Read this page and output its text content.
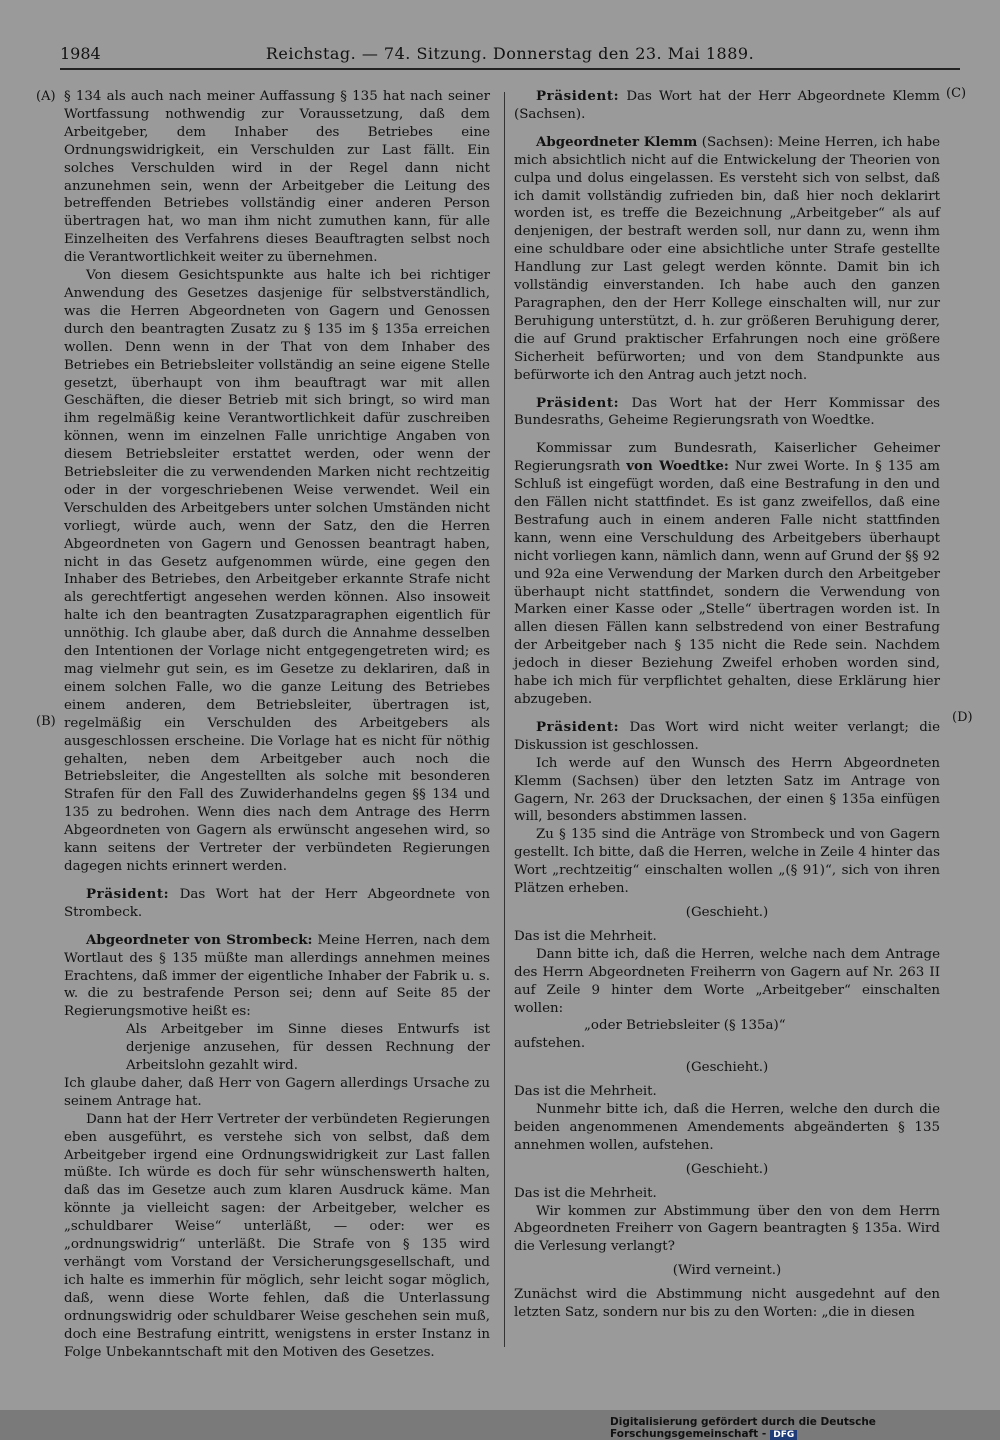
1984	Reichstag. — 74. Sitzung. Donnerstag den 23. Mai 1889.
(A)
(B)
(C)
(D)

§ 134 als auch nach meiner Auffassung § 135 hat nach seiner Wortfassung nothwendig zur Voraussetzung, daß dem Arbeitgeber, dem Inhaber des Betriebes eine Ordnungswidrigkeit, ein Verschulden zur Last fällt. Ein solches Verschulden wird in der Regel dann nicht anzunehmen sein, wenn der Arbeitgeber die Leitung des betreffenden Betriebes vollständig einer anderen Person übertragen hat, wo man ihm nicht zumuthen kann, für alle Einzelheiten des Verfahrens dieses Beauftragten selbst noch die Verantwortlichkeit weiter zu übernehmen.

Von diesem Gesichtspunkte aus halte ich bei richtiger Anwendung des Gesetzes dasjenige für selbstverständlich, was die Herren Abgeordneten von Gagern und Genossen durch den beantragten Zusatz zu § 135 im § 135a erreichen wollen. Denn wenn in der That von dem Inhaber des Betriebes ein Betriebsleiter vollständig an seine eigene Stelle gesetzt, überhaupt von ihm beauftragt war mit allen Geschäften, die dieser Betrieb mit sich bringt, so wird man ihm regelmäßig keine Verantwortlichkeit dafür zuschreiben können, wenn im einzelnen Falle unrichtige Angaben von diesem Betriebsleiter erstattet werden, oder wenn der Betriebsleiter die zu verwendenden Marken nicht rechtzeitig oder in der vorgeschriebenen Weise verwendet. Weil ein Verschulden des Arbeitgebers unter solchen Umständen nicht vorliegt, würde auch, wenn der Satz, den die Herren Abgeordneten von Gagern und Genossen beantragt haben, nicht in das Gesetz aufgenommen würde, eine gegen den Inhaber des Betriebes, den Arbeitgeber erkannte Strafe nicht als gerechtfertigt angesehen werden können. Also insoweit halte ich den beantragten Zusatzparagraphen eigentlich für unnöthig. Ich glaube aber, daß durch die Annahme desselben den Intentionen der Vorlage nicht entgegengetreten wird; es mag vielmehr gut sein, es im Gesetze zu deklariren, daß in einem solchen Falle, wo die ganze Leitung des Betriebes einem anderen, dem Betriebsleiter, übertragen ist, regelmäßig ein Verschulden des Arbeitgebers als ausgeschlossen erscheine. Die Vorlage hat es nicht für nöthig gehalten, neben dem Arbeitgeber auch noch die Betriebsleiter, die Angestellten als solche mit besonderen Strafen für den Fall des Zuwiderhandelns gegen §§ 134 und 135 zu bedrohen. Wenn dies nach dem Antrage des Herrn Abgeordneten von Gagern als erwünscht angesehen wird, so kann seitens der Vertreter der verbündeten Regierungen dagegen nichts erinnert werden.

Präsident: Das Wort hat der Herr Abgeordnete von Strombeck.

Abgeordneter von Strombeck: Meine Herren, nach dem Wortlaut des § 135 müßte man allerdings annehmen meines Erachtens, daß immer der eigentliche Inhaber der Fabrik u. s. w. die zu bestrafende Person sei; denn auf Seite 85 der Regierungsmotive heißt es:

Als Arbeitgeber im Sinne dieses Entwurfs ist derjenige anzusehen, für dessen Rechnung der Arbeitslohn gezahlt wird.

Ich glaube daher, daß Herr von Gagern allerdings Ursache zu seinem Antrage hat.

Dann hat der Herr Vertreter der verbündeten Regierungen eben ausgeführt, es verstehe sich von selbst, daß dem Arbeitgeber irgend eine Ordnungswidrigkeit zur Last fallen müßte. Ich würde es doch für sehr wünschenswerth halten, daß das im Gesetze auch zum klaren Ausdruck käme. Man könnte ja vielleicht sagen: der Arbeitgeber, welcher es „schuldbarer Weise“ unterläßt, — oder: wer es „ordnungswidrig“ unterläßt. Die Strafe von § 135 wird verhängt vom Vorstand der Versicherungsgesellschaft, und ich halte es immerhin für möglich, sehr leicht sogar möglich, daß, wenn diese Worte fehlen, daß die Unterlassung ordnungswidrig oder schuldbarer Weise geschehen sein muß, doch eine Bestrafung eintritt, wenigstens in erster Instanz in Folge Unbekanntschaft mit den Motiven des Gesetzes.

Präsident: Das Wort hat der Herr Abgeordnete Klemm (Sachsen).

Abgeordneter Klemm (Sachsen): Meine Herren, ich habe mich absichtlich nicht auf die Entwickelung der Theorien von culpa und dolus eingelassen. Es versteht sich von selbst, daß ich damit vollständig zufrieden bin, daß hier noch deklarirt worden ist, es treffe die Bezeichnung „Arbeitgeber“ als auf denjenigen, der bestraft werden soll, nur dann zu, wenn ihm eine schuldbare oder eine absichtliche unter Strafe gestellte Handlung zur Last gelegt werden könnte. Damit bin ich vollständig einverstanden. Ich habe auch den ganzen Paragraphen, den der Herr Kollege einschalten will, nur zur Beruhigung unterstützt, d. h. zur größeren Beruhigung derer, die auf Grund praktischer Erfahrungen noch eine größere Sicherheit befürworten; und von dem Standpunkte aus befürworte ich den Antrag auch jetzt noch.

Präsident: Das Wort hat der Herr Kommissar des Bundesraths, Geheime Regierungsrath von Woedtke.

Kommissar zum Bundesrath, Kaiserlicher Geheimer Regierungsrath von Woedtke: Nur zwei Worte. In § 135 am Schluß ist eingefügt worden, daß eine Bestrafung in den und den Fällen nicht stattfindet. Es ist ganz zweifellos, daß eine Bestrafung auch in einem anderen Falle nicht stattfinden kann, wenn eine Verschuldung des Arbeitgebers überhaupt nicht vorliegen kann, nämlich dann, wenn auf Grund der §§ 92 und 92a eine Verwendung der Marken durch den Arbeitgeber überhaupt nicht stattfindet, sondern die Verwendung von Marken einer Kasse oder „Stelle“ übertragen worden ist. In allen diesen Fällen kann selbstredend von einer Bestrafung der Arbeitgeber nach § 135 nicht die Rede sein. Nachdem jedoch in dieser Beziehung Zweifel erhoben worden sind, habe ich mich für verpflichtet gehalten, diese Erklärung hier abzugeben.

Präsident: Das Wort wird nicht weiter verlangt; die Diskussion ist geschlossen.

Ich werde auf den Wunsch des Herrn Abgeordneten Klemm (Sachsen) über den letzten Satz im Antrage von Gagern, Nr. 263 der Drucksachen, der einen § 135a einfügen will, besonders abstimmen lassen.

Zu § 135 sind die Anträge von Strombeck und von Gagern gestellt. Ich bitte, daß die Herren, welche in Zeile 4 hinter das Wort „rechtzeitig“ einschalten wollen „(§ 91)“, sich von ihren Plätzen erheben.

(Geschieht.)

Das ist die Mehrheit.

Dann bitte ich, daß die Herren, welche nach dem Antrage des Herrn Abgeordneten Freiherrn von Gagern auf Nr. 263 II auf Zeile 9 hinter dem Worte „Arbeitgeber“ einschalten wollen:

„oder Betriebsleiter (§ 135a)“

aufstehen.

(Geschieht.)

Das ist die Mehrheit.

Nunmehr bitte ich, daß die Herren, welche den durch die beiden angenommenen Amendements abgeänderten § 135 annehmen wollen, aufstehen.

(Geschieht.)

Das ist die Mehrheit.

Wir kommen zur Abstimmung über den von dem Herrn Abgeordneten Freiherr von Gagern beantragten § 135a. Wird die Verlesung verlangt?

(Wird verneint.)

Zunächst wird die Abstimmung nicht ausgedehnt auf den letzten Satz, sondern nur bis zu den Worten: „die in diesen

Digitalisierung gefördert durch die Deutsche Forschungsgemeinschaft - DFG
